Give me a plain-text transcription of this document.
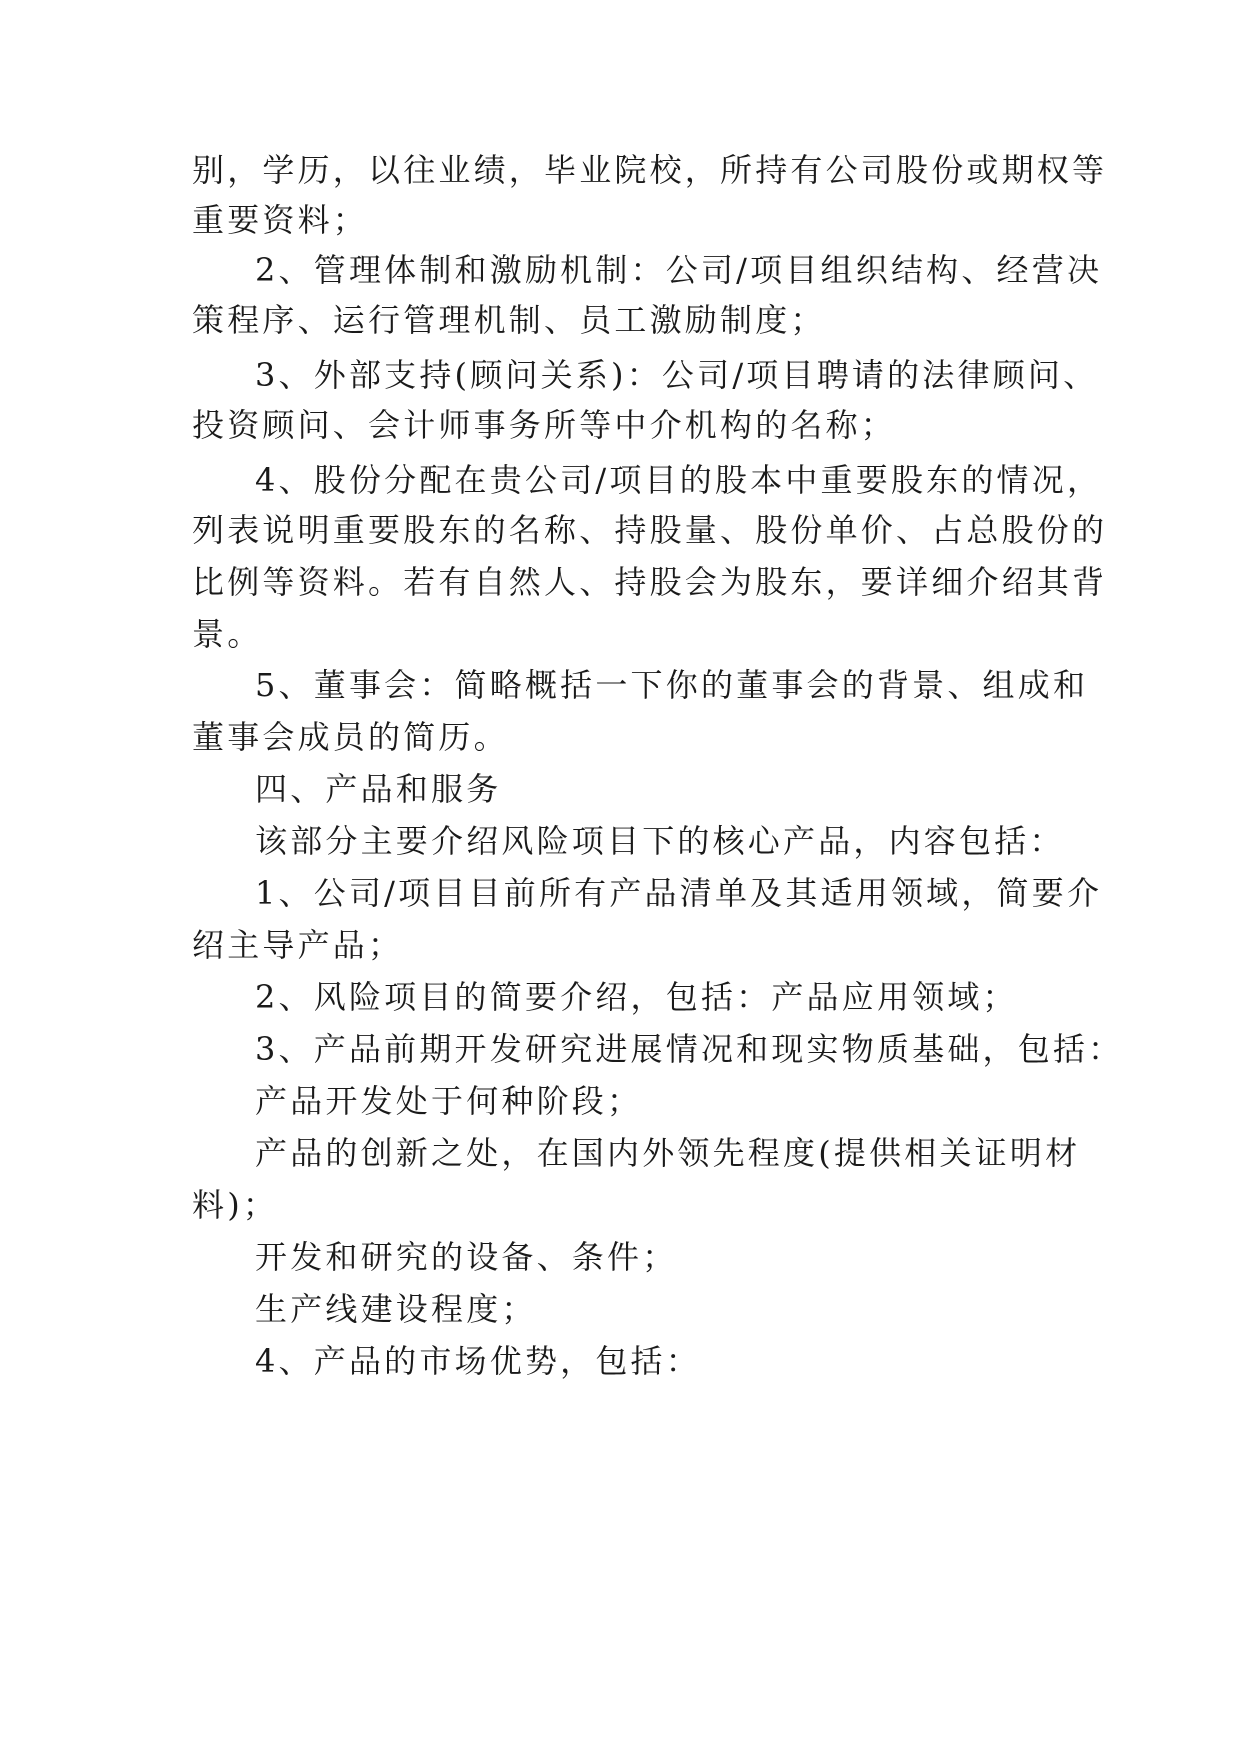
别，学历，以往业绩，毕业院校，所持有公司股份或期权等
重要资料；
2、管理体制和激励机制：公司/项目组织结构、经营决
策程序、运行管理机制、员工激励制度；
3、外部支持(顾问关系)：公司/项目聘请的法律顾问、
投资顾问、会计师事务所等中介机构的名称；
4、股份分配在贵公司/项目的股本中重要股东的情况，
列表说明重要股东的名称、持股量、股份单价、占总股份的
比例等资料。若有自然人、持股会为股东，要详细介绍其背
景。
5、董事会：简略概括一下你的董事会的背景、组成和
董事会成员的简历。
四、产品和服务
该部分主要介绍风险项目下的核心产品，内容包括：
1、公司/项目目前所有产品清单及其适用领域，简要介
绍主导产品；
2、风险项目的简要介绍，包括：产品应用领域；
3、产品前期开发研究进展情况和现实物质基础，包括：
产品开发处于何种阶段；
产品的创新之处，在国内外领先程度(提供相关证明材
料)；
开发和研究的设备、条件；
生产线建设程度；
4、产品的市场优势，包括：
